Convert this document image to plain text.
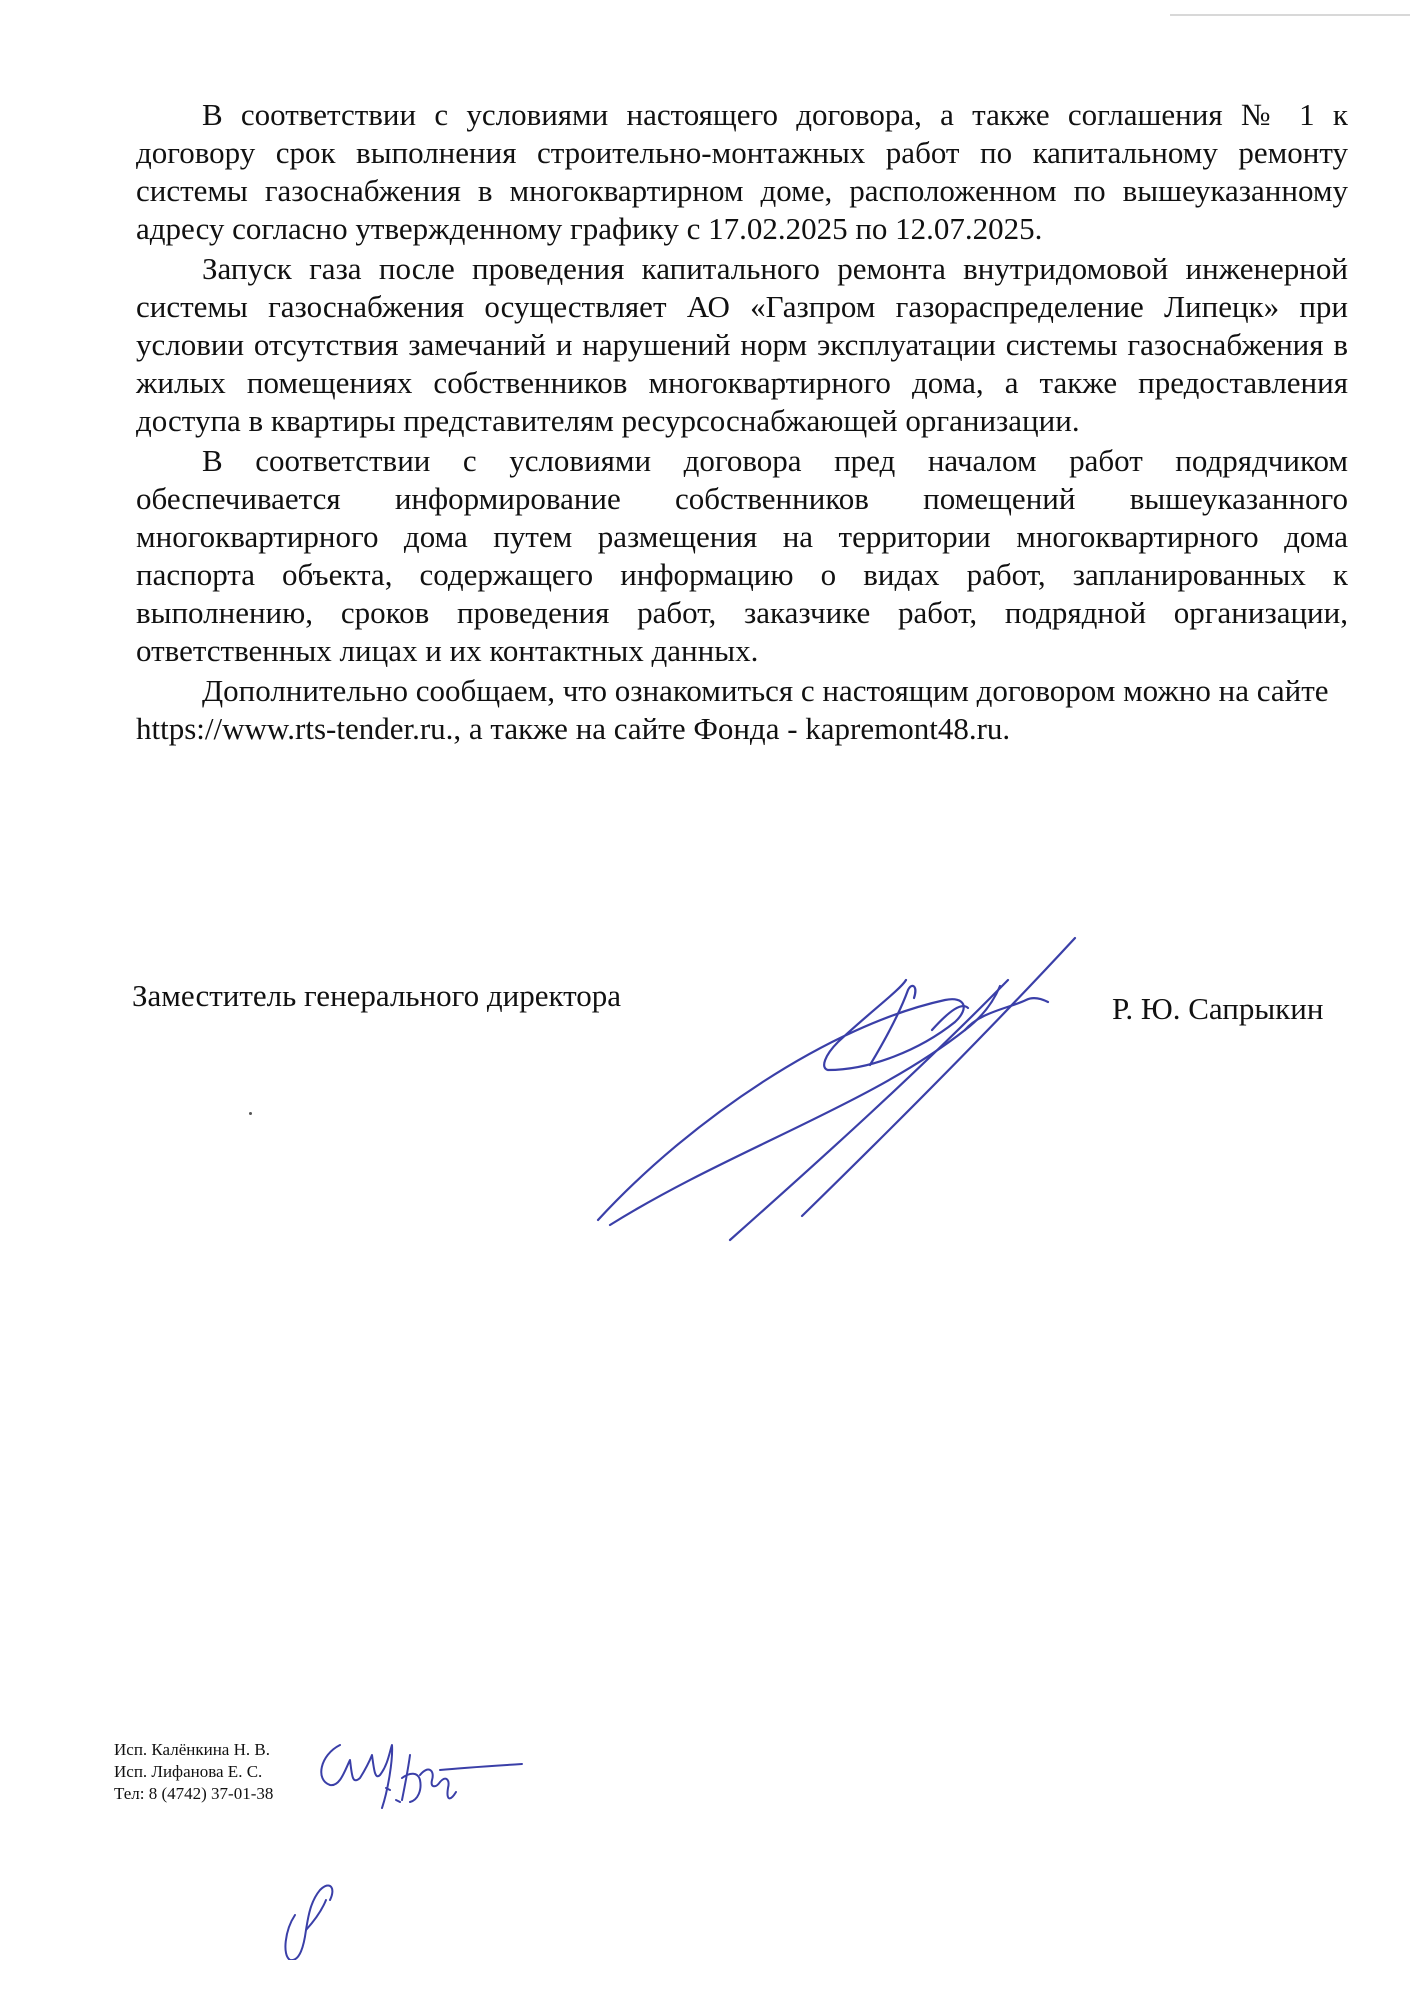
В соответствии с условиями настоящего договора, а также соглашения № 1 к договору срок выполнения строительно-монтажных работ по капитальному ремонту системы газоснабжения в многоквартирном доме, расположенном по вышеуказанному адресу согласно утвержденному графику с 17.02.2025 по 12.07.2025.

Запуск газа после проведения капитального ремонта внутридомовой инженерной системы газоснабжения осуществляет АО «Газпром газораспределение Липецк» при условии отсутствия замечаний и нарушений норм эксплуатации системы газоснабжения в жилых помещениях собственников многоквартирного дома, а также предоставления доступа в квартиры представителям ресурсоснабжающей организации.

В соответствии с условиями договора пред началом работ подрядчиком обеспечивается информирование собственников помещений вышеуказанного многоквартирного дома путем размещения на территории многоквартирного дома паспорта объекта, содержащего информацию о видах работ, запланированных к выполнению, сроков проведения работ, заказчике работ, подрядной организации, ответственных лицах и их контактных данных.

Дополнительно сообщаем, что ознакомиться с настоящим договором можно на сайте https://www.rts-tender.ru., а также на сайте Фонда - kapremont48.ru.

Заместитель генерального директора	Р. Ю. Сапрыкин
Исп. Калёнкина Н. В.
Исп. Лифанова Е. С.
Тел: 8 (4742) 37-01-38
